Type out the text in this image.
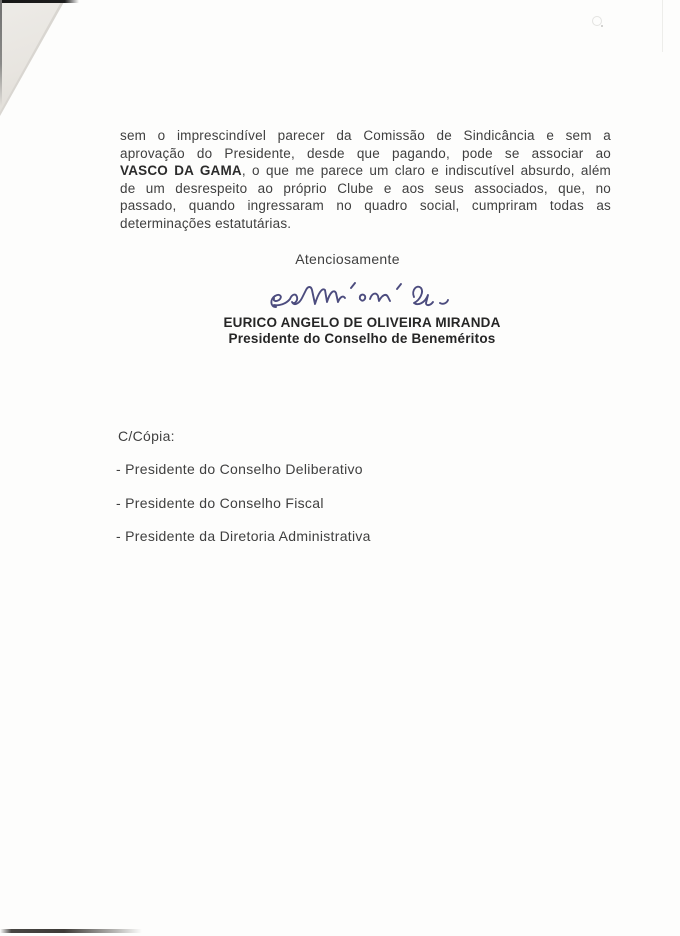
sem o imprescindível parecer da Comissão de Sindicância e sem a
aprovação do Presidente, desde que pagando, pode se associar ao
VASCO DA GAMA, o que me parece um claro e indiscutível absurdo, além
de um desrespeito ao próprio Clube e aos seus associados, que, no
passado, quando ingressaram no quadro social, cumpriram todas as
determinações estatutárias.
Atenciosamente
EURICO ANGELO DE OLIVEIRA MIRANDA
Presidente do Conselho de Beneméritos
C/Cópia:
- Presidente do Conselho Deliberativo
- Presidente do Conselho Fiscal
- Presidente da Diretoria Administrativa
